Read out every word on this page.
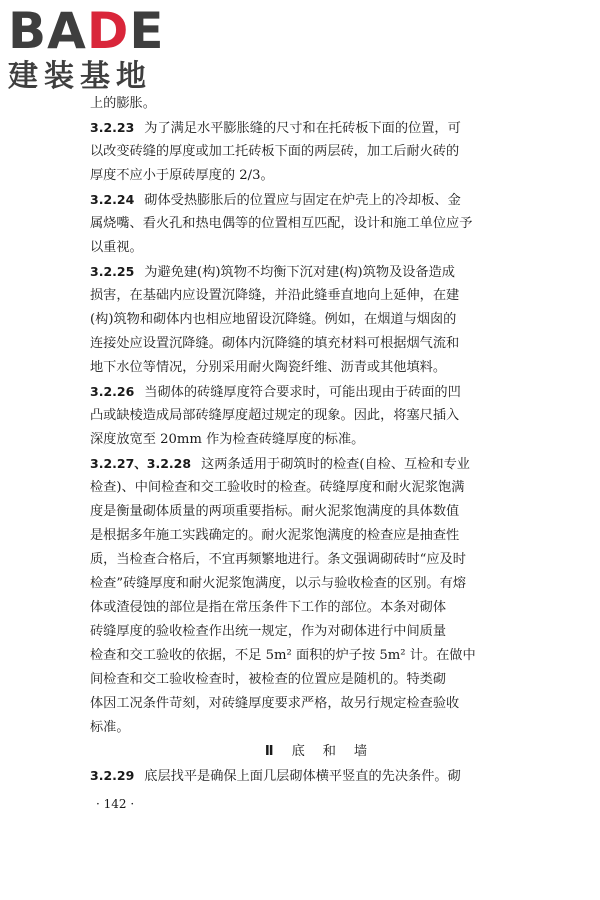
BADE
建装基地
上的膨胀。
3.2.23 为了满足水平膨胀缝的尺寸和在托砖板下面的位置，可
以改变砖缝的厚度或加工托砖板下面的两层砖，加工后耐火砖的
厚度不应小于原砖厚度的 2/3。
3.2.24 砌体受热膨胀后的位置应与固定在炉壳上的冷却板、金
属烧嘴、看火孔和热电偶等的位置相互匹配，设计和施工单位应予
以重视。
3.2.25 为避免建(构)筑物不均衡下沉对建(构)筑物及设备造成
损害，在基础内应设置沉降缝，并沿此缝垂直地向上延伸，在建
(构)筑物和砌体内也相应地留设沉降缝。例如，在烟道与烟囱的
连接处应设置沉降缝。砌体内沉降缝的填充材料可根据烟气流和
地下水位等情况，分别采用耐火陶瓷纤维、沥青或其他填料。
3.2.26 当砌体的砖缝厚度符合要求时，可能出现由于砖面的凹
凸或缺棱造成局部砖缝厚度超过规定的现象。因此，将塞尺插入
深度放宽至 20mm 作为检查砖缝厚度的标准。
3.2.27、3.2.28 这两条适用于砌筑时的检查(自检、互检和专业
检查)、中间检查和交工验收时的检查。砖缝厚度和耐火泥浆饱满
度是衡量砌体质量的两项重要指标。耐火泥浆饱满度的具体数值
是根据多年施工实践确定的。耐火泥浆饱满度的检查应是抽查性
质，当检查合格后，不宜再频繁地进行。条文强调砌砖时“应及时
检查”砖缝厚度和耐火泥浆饱满度，以示与验收检查的区别。有熔
体或渣侵蚀的部位是指在常压条件下工作的部位。本条对砌体
砖缝厚度的验收检查作出统一规定，作为对砌体进行中间质量
检查和交工验收的依据，不足 5m² 面积的炉子按 5m² 计。在做中
间检查和交工验收检查时，被检查的位置应是随机的。特类砌
体因工况条件苛刻，对砖缝厚度要求严格，故另行规定检查验收
标准。
Ⅱ 底和墙
3.2.29 底层找平是确保上面几层砌体横平竖直的先决条件。砌
· 142 ·
